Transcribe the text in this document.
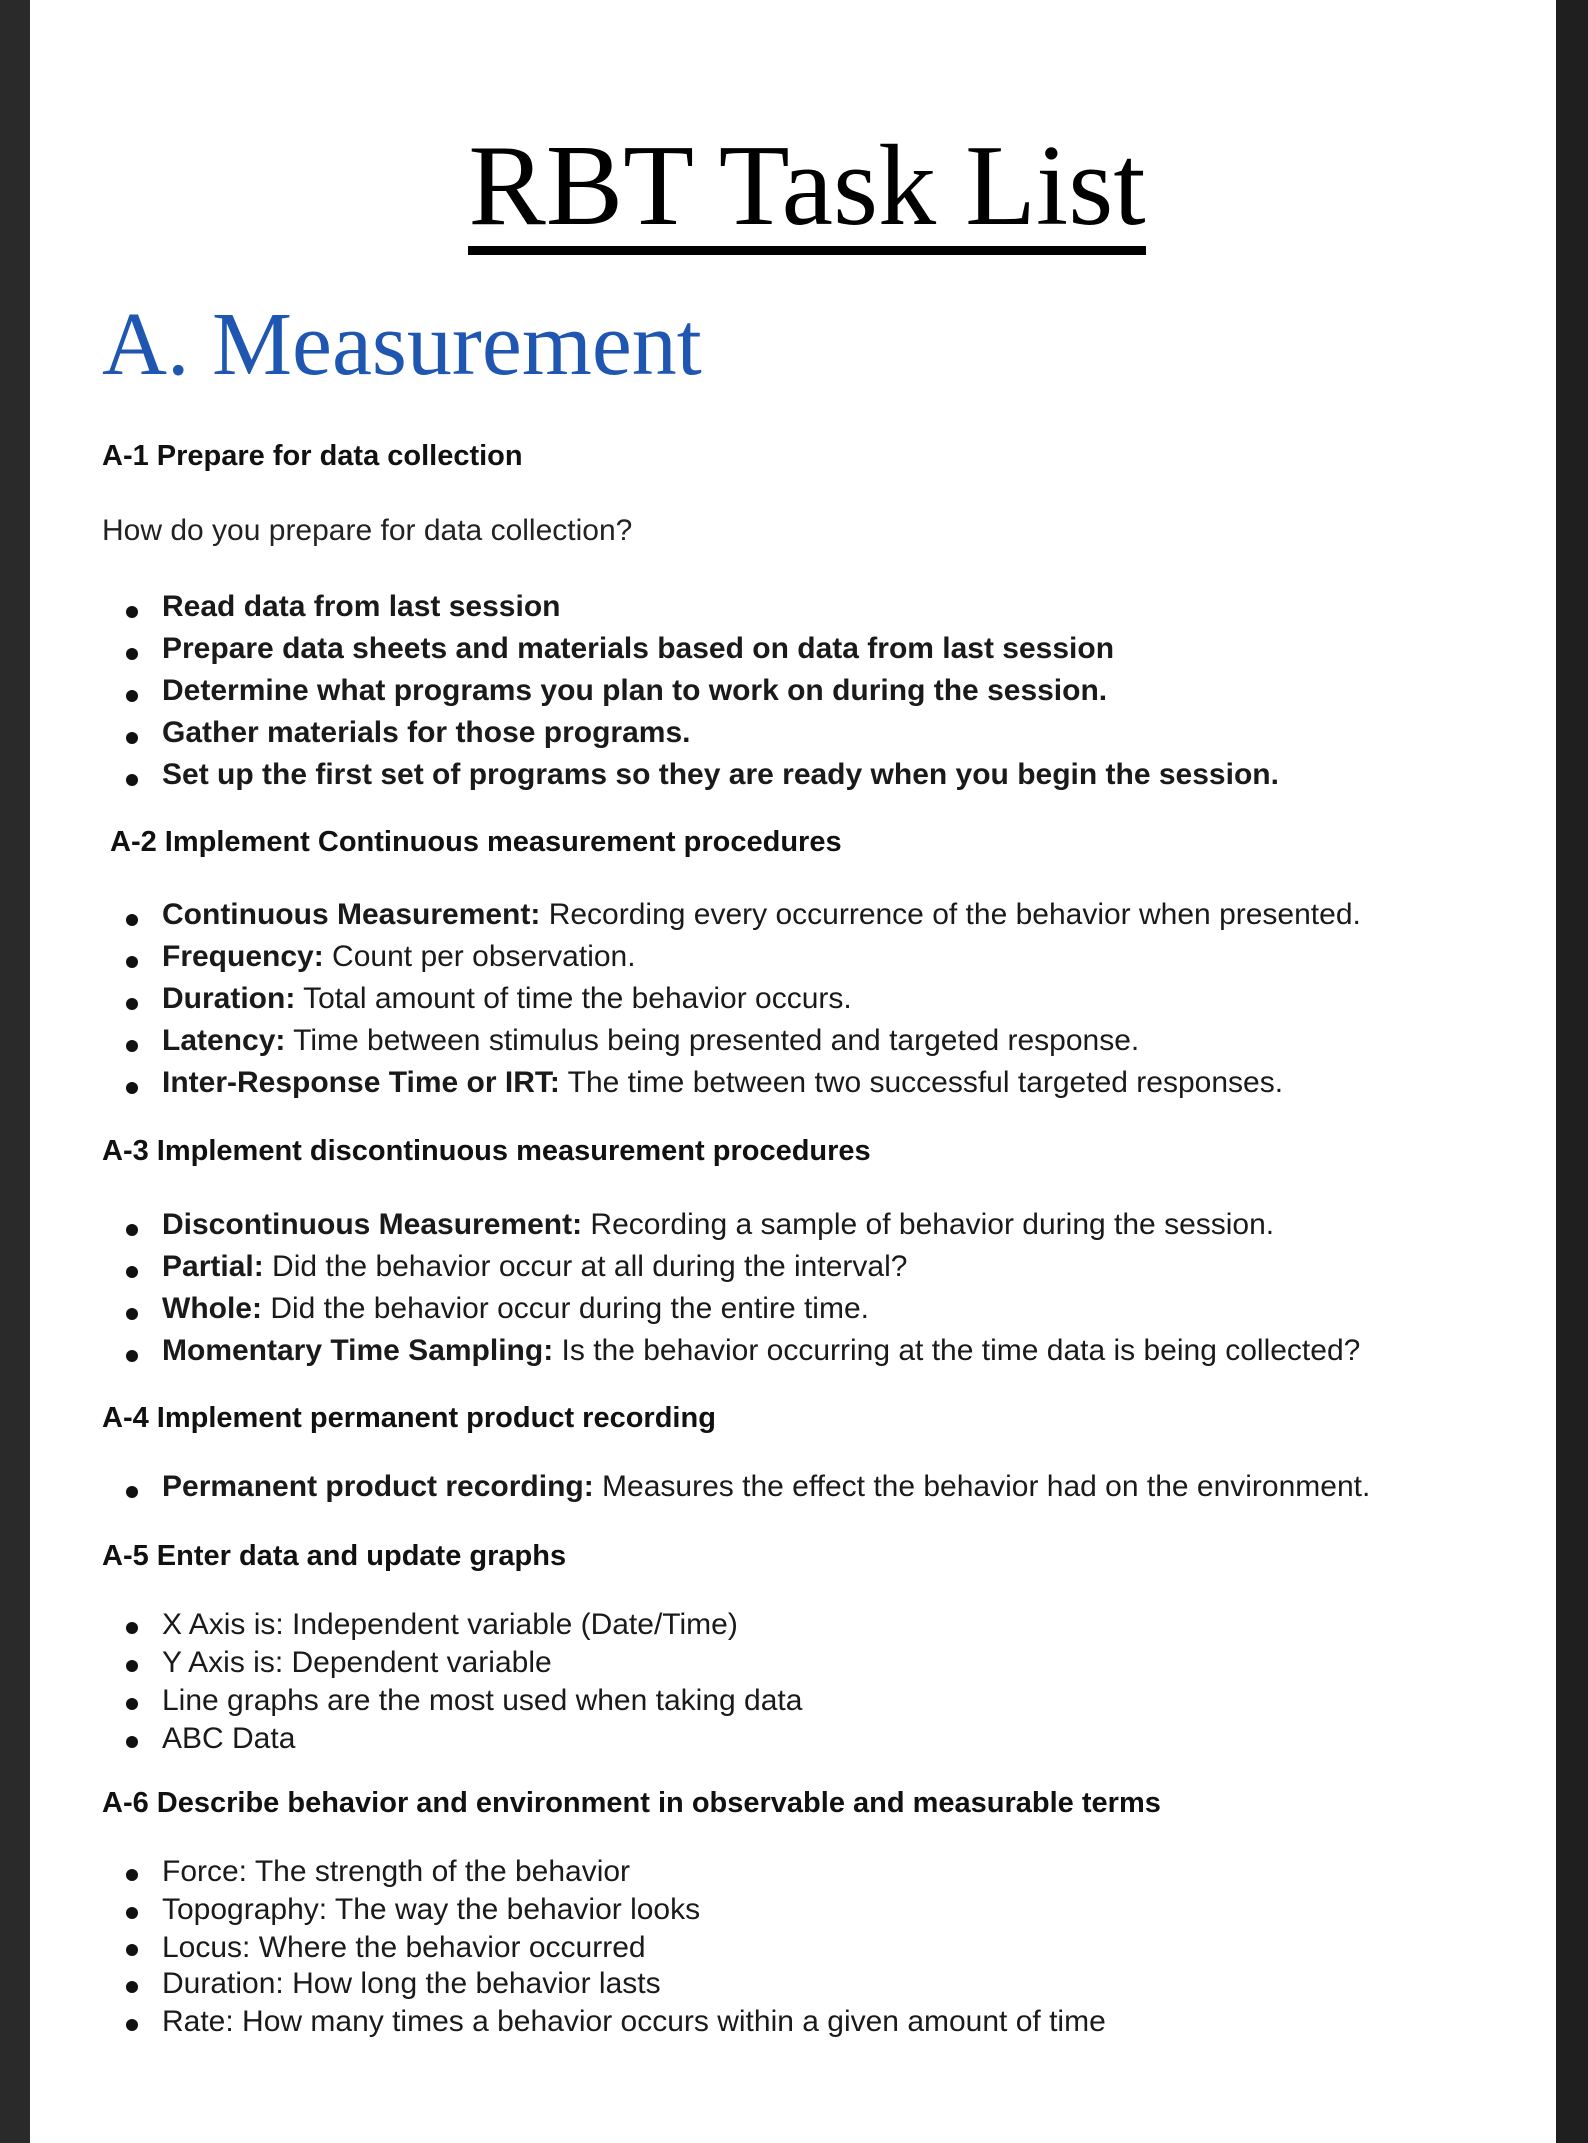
RBT Task List
A. Measurement
A-1 Prepare for data collection
How do you prepare for data collection?
Read data from last session
Prepare data sheets and materials based on data from last session
Determine what programs you plan to work on during the session.
Gather materials for those programs.
Set up the first set of programs so they are ready when you begin the session.
A-2 Implement Continuous measurement procedures
Continuous Measurement: Recording every occurrence of the behavior when presented.
Frequency: Count per observation.
Duration: Total amount of time the behavior occurs.
Latency: Time between stimulus being presented and targeted response.
Inter-Response Time or IRT: The time between two successful targeted responses.
A-3 Implement discontinuous measurement procedures
Discontinuous Measurement: Recording a sample of behavior during the session.
Partial: Did the behavior occur at all during the interval?
Whole: Did the behavior occur during the entire time.
Momentary Time Sampling: Is the behavior occurring at the time data is being collected?
A-4 Implement permanent product recording
Permanent product recording: Measures the effect the behavior had on the environment.
A-5 Enter data and update graphs
X Axis is: Independent variable (Date/Time)
Y Axis is: Dependent variable
Line graphs are the most used when taking data
ABC Data
A-6 Describe behavior and environment in observable and measurable terms
Force: The strength of the behavior
Topography: The way the behavior looks
Locus: Where the behavior occurred
Duration: How long the behavior lasts
Rate: How many times a behavior occurs within a given amount of time
